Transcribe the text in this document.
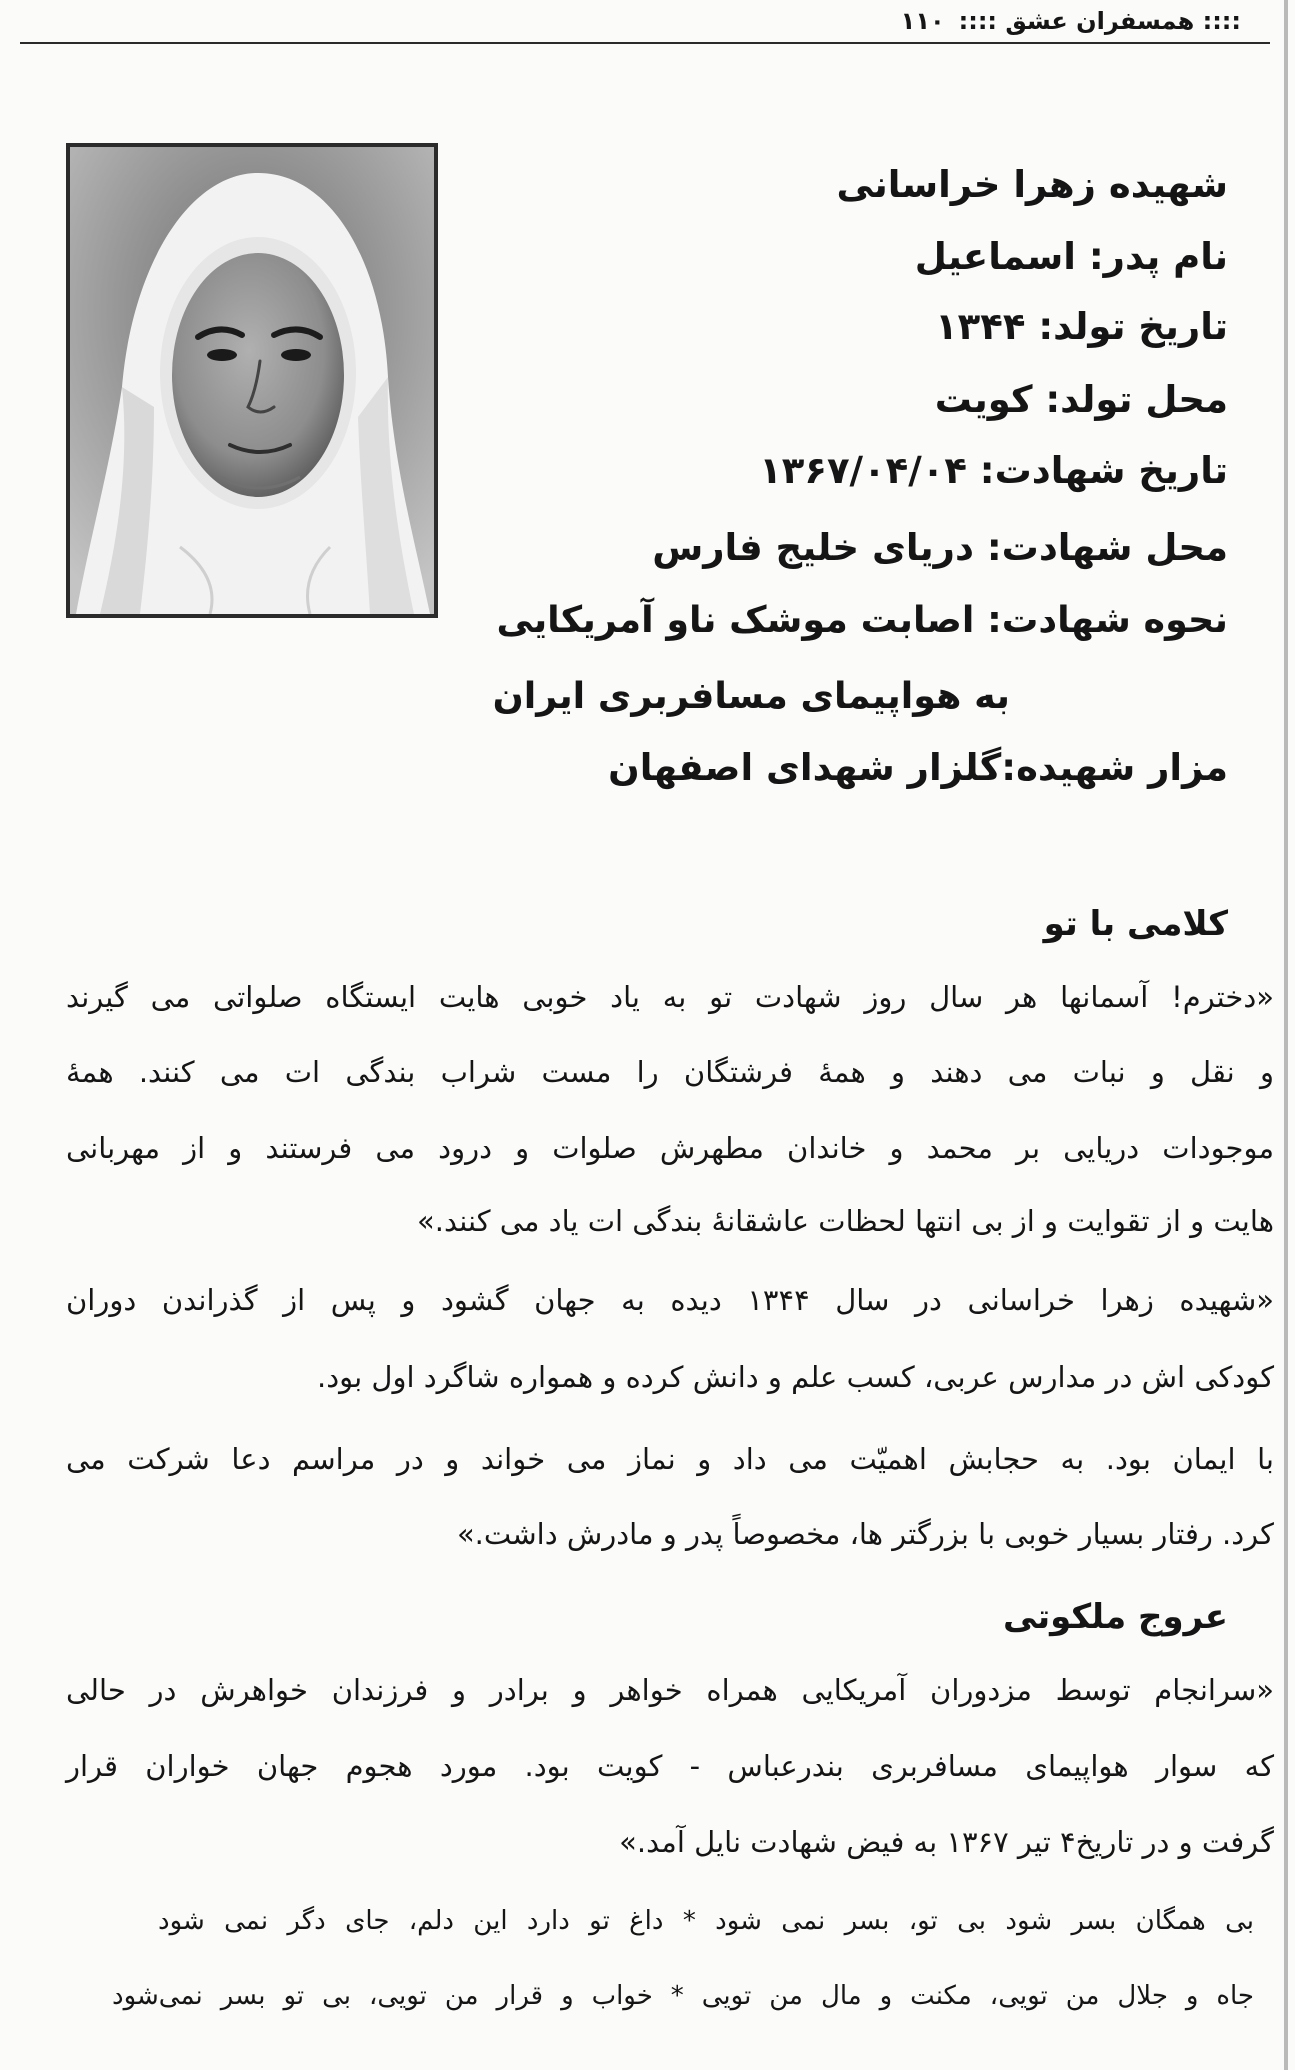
:::: همسفران عشق ::::
۱۱۰

شهیده زهرا خراسانی

نام پدر: اسماعیل

تاریخ تولد: ۱۳۴۴

محل تولد: کویت

تاریخ شهادت: ۱۳۶۷/۰۴/۰۴

محل شهادت: دریای خلیج فارس

نحوه شهادت: اصابت موشک ناو آمریکایی

به هواپیمای مسافربری ایران

مزار شهیده:گلزار شهدای اصفهان

کلامی با تو

«دخترم! آسمانها هر سال روز شهادت تو به یاد خوبی هایت ایستگاه صلواتی می گیرند

و نقل و نبات می دهند و همهٔ فرشتگان را مست شراب بندگی ات می کنند. همهٔ

موجودات دریایی بر محمد و خاندان مطهرش صلوات و درود می فرستند و از مهربانی

هایت و از تقوایت و از بی انتها لحظات عاشقانهٔ بندگی ات یاد می کنند.»

«شهیده زهرا خراسانی در سال ۱۳۴۴ دیده به جهان گشود و پس از گذراندن دوران

کودکی اش در مدارس عربی، کسب علم و دانش کرده و همواره شاگرد اول بود.

با ایمان بود. به حجابش اهمیّت می داد و نماز می خواند و در مراسم دعا شرکت می

کرد. رفتار بسیار خوبی با بزرگتر ها، مخصوصاً پدر و مادرش داشت.»

عروج ملکوتی

«سرانجام توسط مزدوران آمریکایی همراه خواهر و برادر و فرزندان خواهرش در حالی

که سوار هواپیمای مسافربری بندرعباس - کویت بود. مورد هجوم جهان خواران قرار

گرفت و در تاریخ۴ تیر ۱۳۶۷ به فیض شهادت نایل آمد.»

بی همگان بسر شود بی تو، بسر نمی شود * داغ تو دارد این دلم، جای دگر نمی شود

جاه و جلال من تویی، مکنت و مال من تویی * خواب و قرار من تویی، بی تو بسر نمی‌شود
